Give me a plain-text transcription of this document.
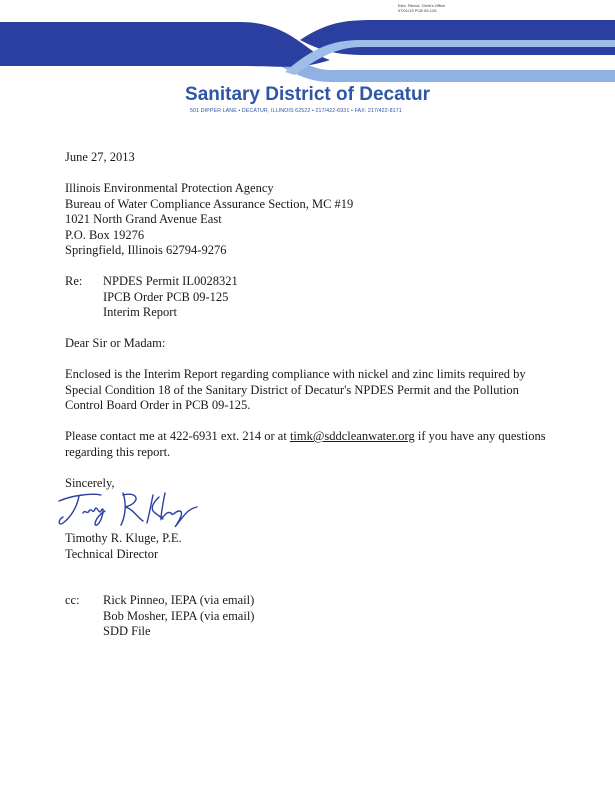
Elec. Recvd. Clerk's Office
07/01/13 PCB 09-125
Sanitary District of Decatur
501 DIPPER LANE • DECATUR, ILLINOIS 62522 • 217/422-6931 • FAX: 217/422-8171
June 27, 2013
Illinois Environmental Protection Agency
Bureau of Water Compliance Assurance Section, MC #19
1021 North Grand Avenue East
P.O. Box 19276
Springfield, Illinois 62794-9276
Re:	NPDES Permit IL0028321
IPCB Order PCB 09-125
Interim Report
Dear Sir or Madam:
Enclosed is the Interim Report regarding compliance with nickel and zinc limits required by
Special Condition 18 of the Sanitary District of Decatur's NPDES Permit and the Pollution
Control Board Order in PCB 09-125.
Please contact me at 422-6931 ext. 214 or at timk@sddcleanwater.org if you have any questions
regarding this report.
Sincerely,
Timothy R. Kluge
Timothy R. Kluge, P.E.
Technical Director
cc:	Rick Pinneo, IEPA (via email)
Bob Mosher, IEPA (via email)
SDD File
